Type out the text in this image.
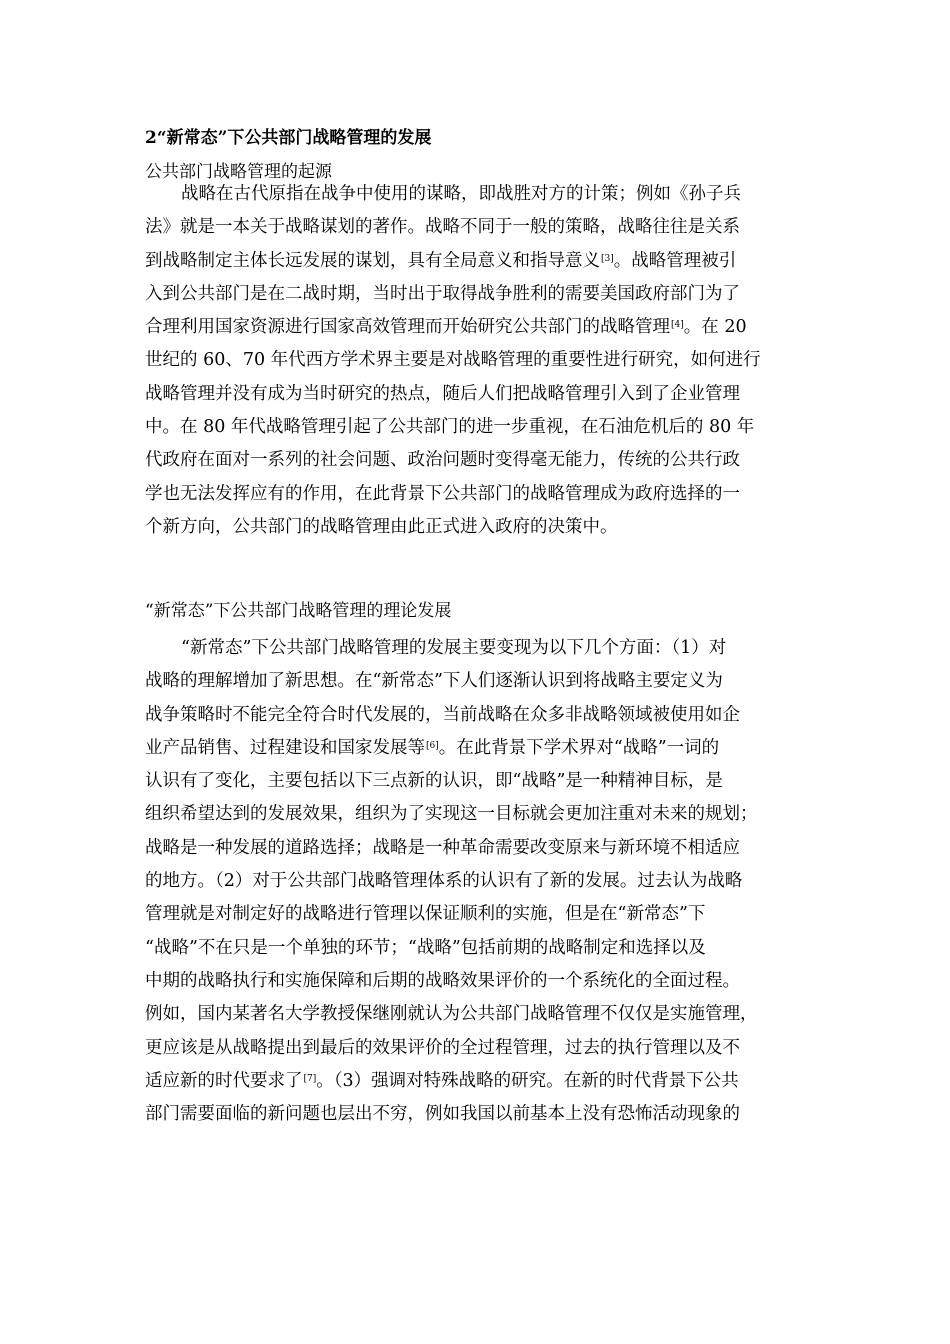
2“新常态”下公共部门战略管理的发展
公共部门战略管理的起源
战略在古代原指在战争中使用的谋略，即战胜对方的计策；例如《孙子兵
法》就是一本关于战略谋划的著作。战略不同于一般的策略，战略往往是关系
到战略制定主体长远发展的谋划，具有全局意义和指导意义[3]。战略管理被引
入到公共部门是在二战时期，当时出于取得战争胜利的需要美国政府部门为了
合理利用国家资源进行国家高效管理而开始研究公共部门的战略管理[4]。在 20
世纪的 60、70 年代西方学术界主要是对战略管理的重要性进行研究，如何进行
战略管理并没有成为当时研究的热点，随后人们把战略管理引入到了企业管理
中。在 80 年代战略管理引起了公共部门的进一步重视，在石油危机后的 80 年
代政府在面对一系列的社会问题、政治问题时变得毫无能力，传统的公共行政
学也无法发挥应有的作用，在此背景下公共部门的战略管理成为政府选择的一
个新方向，公共部门的战略管理由此正式进入政府的决策中。
“新常态”下公共部门战略管理的理论发展
“新常态”下公共部门战略管理的发展主要变现为以下几个方面：（1）对
战略的理解增加了新思想。在“新常态”下人们逐渐认识到将战略主要定义为
战争策略时不能完全符合时代发展的，当前战略在众多非战略领域被使用如企
业产品销售、过程建设和国家发展等[6]。在此背景下学术界对“战略”一词的
认识有了变化，主要包括以下三点新的认识，即“战略”是一种精神目标，是
组织希望达到的发展效果，组织为了实现这一目标就会更加注重对未来的规划；
战略是一种发展的道路选择；战略是一种革命需要改变原来与新环境不相适应
的地方。（2）对于公共部门战略管理体系的认识有了新的发展。过去认为战略
管理就是对制定好的战略进行管理以保证顺利的实施，但是在“新常态”下
“战略”不在只是一个单独的环节；“战略”包括前期的战略制定和选择以及
中期的战略执行和实施保障和后期的战略效果评价的一个系统化的全面过程。
例如，国内某著名大学教授保继刚就认为公共部门战略管理不仅仅是实施管理，
更应该是从战略提出到最后的效果评价的全过程管理，过去的执行管理以及不
适应新的时代要求了[7]。（3）强调对特殊战略的研究。在新的时代背景下公共
部门需要面临的新问题也层出不穷，例如我国以前基本上没有恐怖活动现象的
